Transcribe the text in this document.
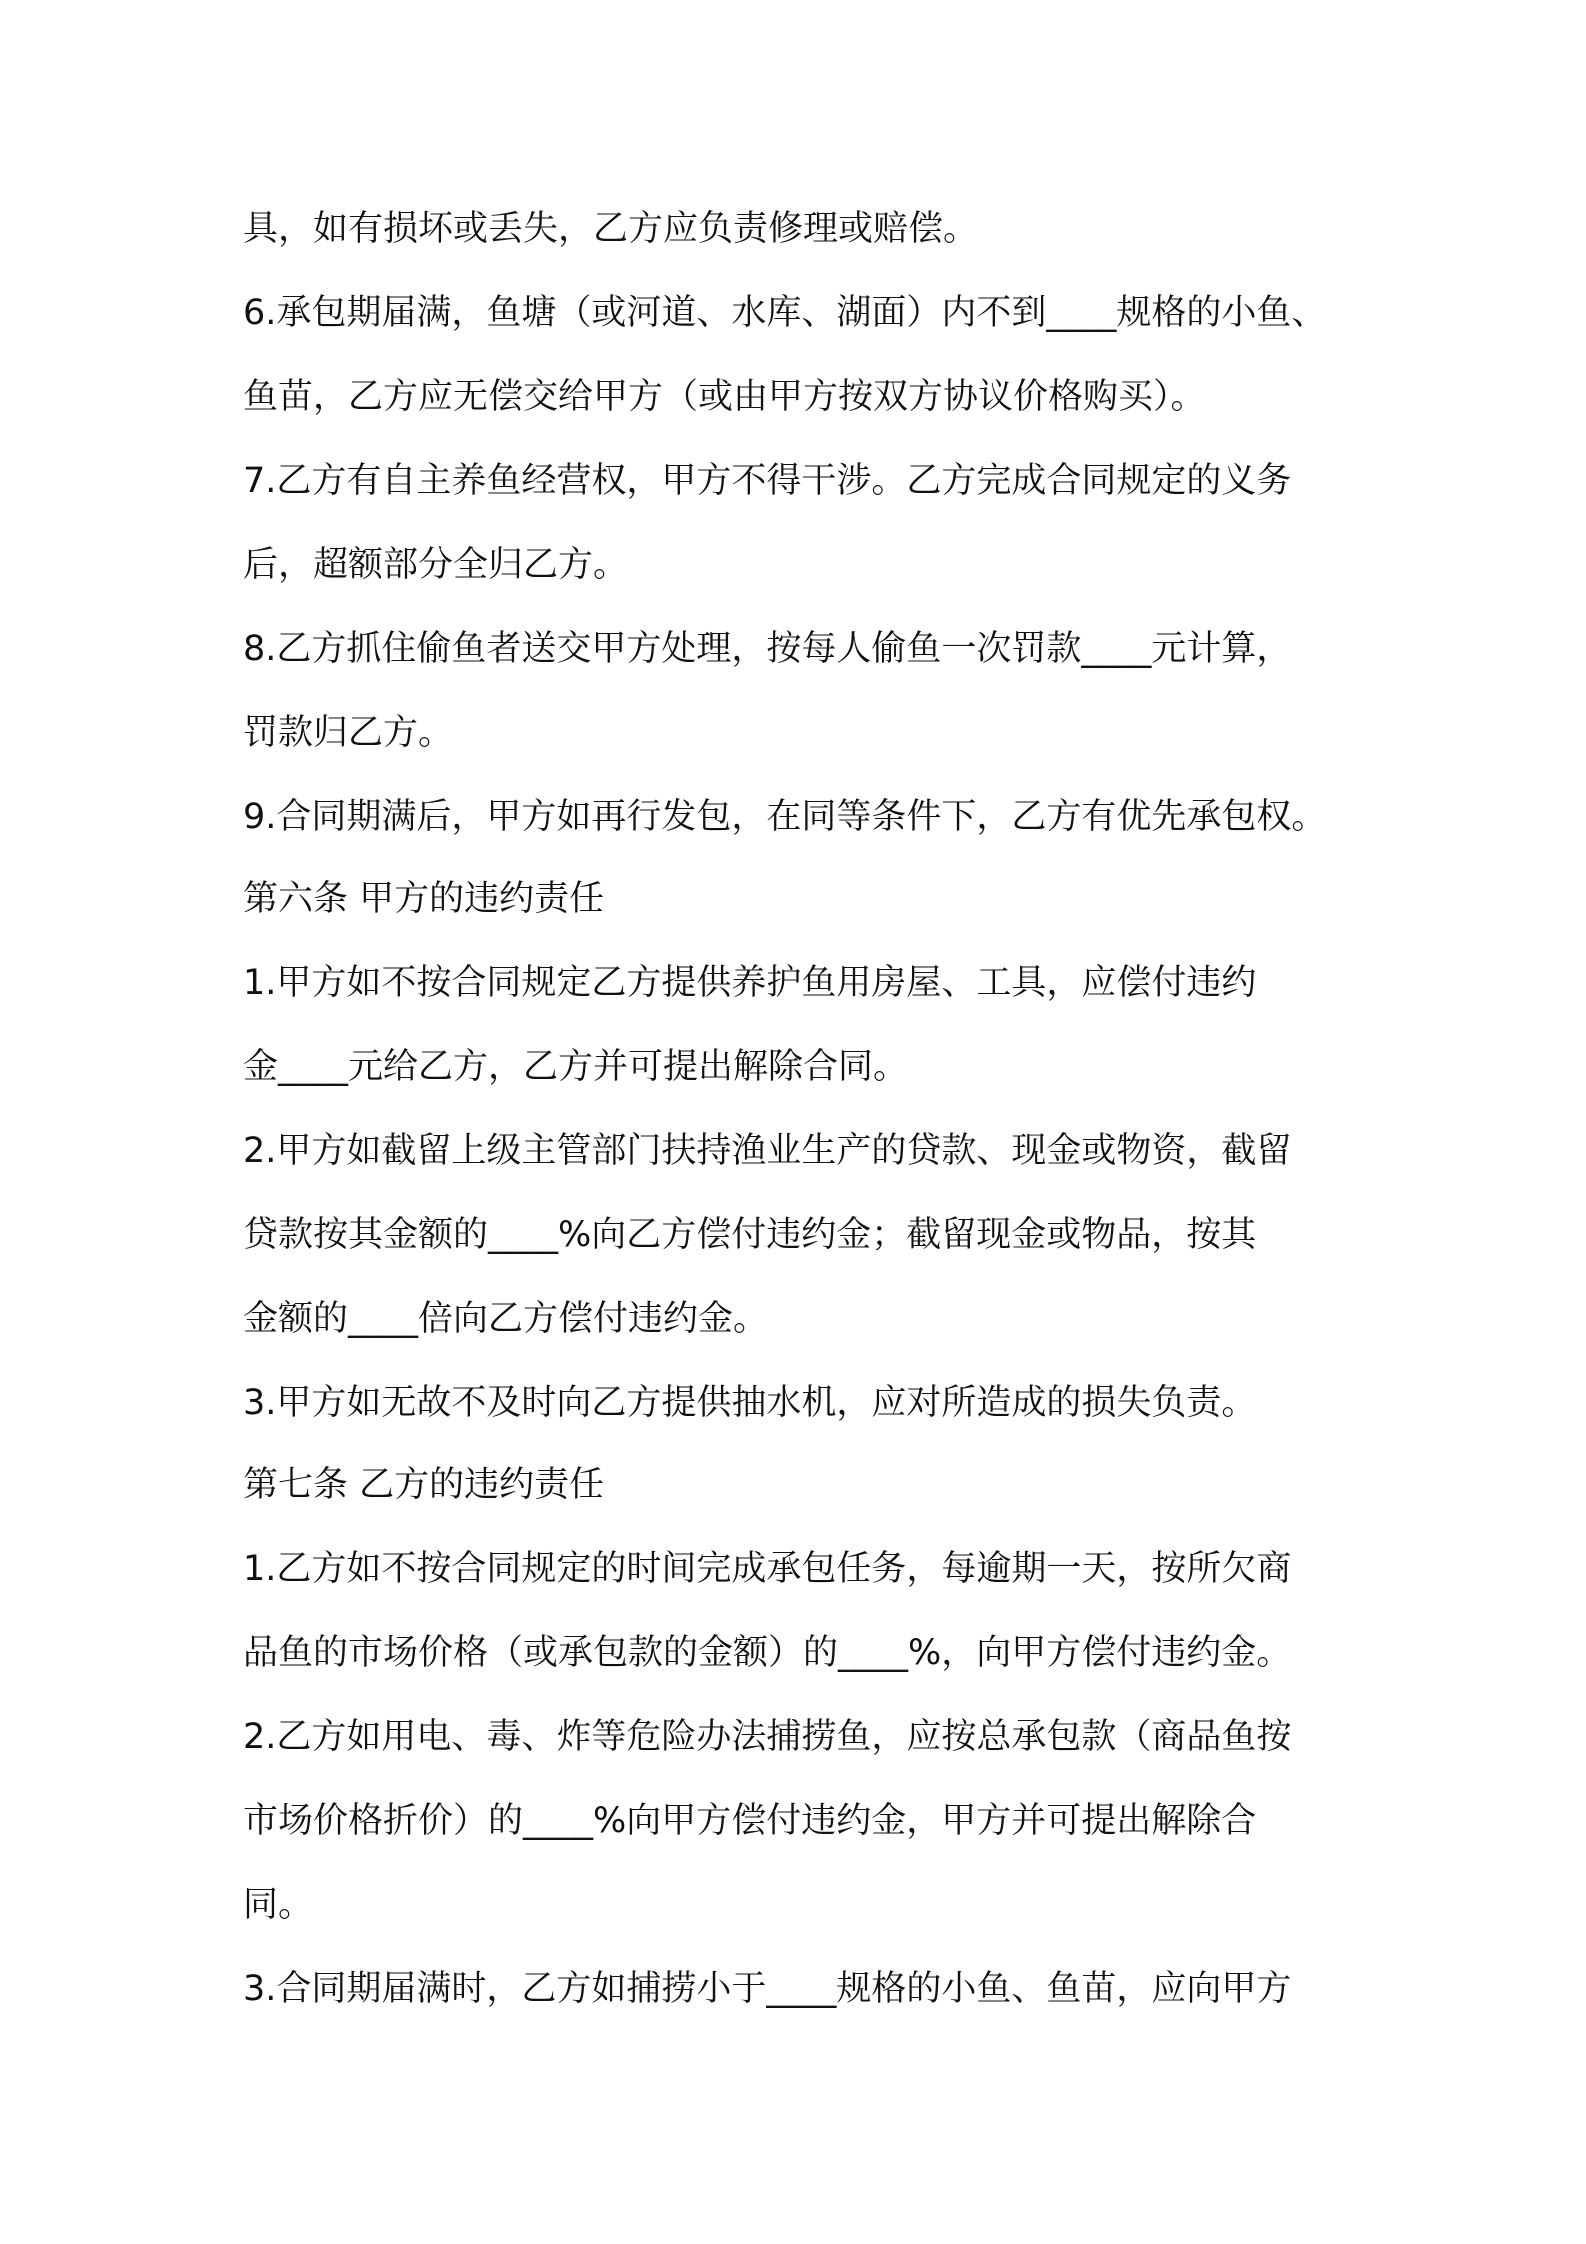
具，如有损坏或丢失，乙方应负责修理或赔偿。
6.承包期届满，鱼塘（或河道、水库、湖面）内不到____规格的小鱼、
鱼苗，乙方应无偿交给甲方（或由甲方按双方协议价格购买）。
7.乙方有自主养鱼经营权，甲方不得干涉。乙方完成合同规定的义务
后，超额部分全归乙方。
8.乙方抓住偷鱼者送交甲方处理，按每人偷鱼一次罚款____元计算，
罚款归乙方。
9.合同期满后，甲方如再行发包，在同等条件下，乙方有优先承包权。
第六条 甲方的违约责任
1.甲方如不按合同规定乙方提供养护鱼用房屋、工具，应偿付违约
金____元给乙方，乙方并可提出解除合同。
2.甲方如截留上级主管部门扶持渔业生产的贷款、现金或物资，截留
贷款按其金额的____%向乙方偿付违约金；截留现金或物品，按其
金额的____倍向乙方偿付违约金。
3.甲方如无故不及时向乙方提供抽水机，应对所造成的损失负责。
第七条 乙方的违约责任
1.乙方如不按合同规定的时间完成承包任务，每逾期一天，按所欠商
品鱼的市场价格（或承包款的金额）的____%，向甲方偿付违约金。
2.乙方如用电、毒、炸等危险办法捕捞鱼，应按总承包款（商品鱼按
市场价格折价）的____%向甲方偿付违约金，甲方并可提出解除合
同。
3.合同期届满时，乙方如捕捞小于____规格的小鱼、鱼苗，应向甲方
